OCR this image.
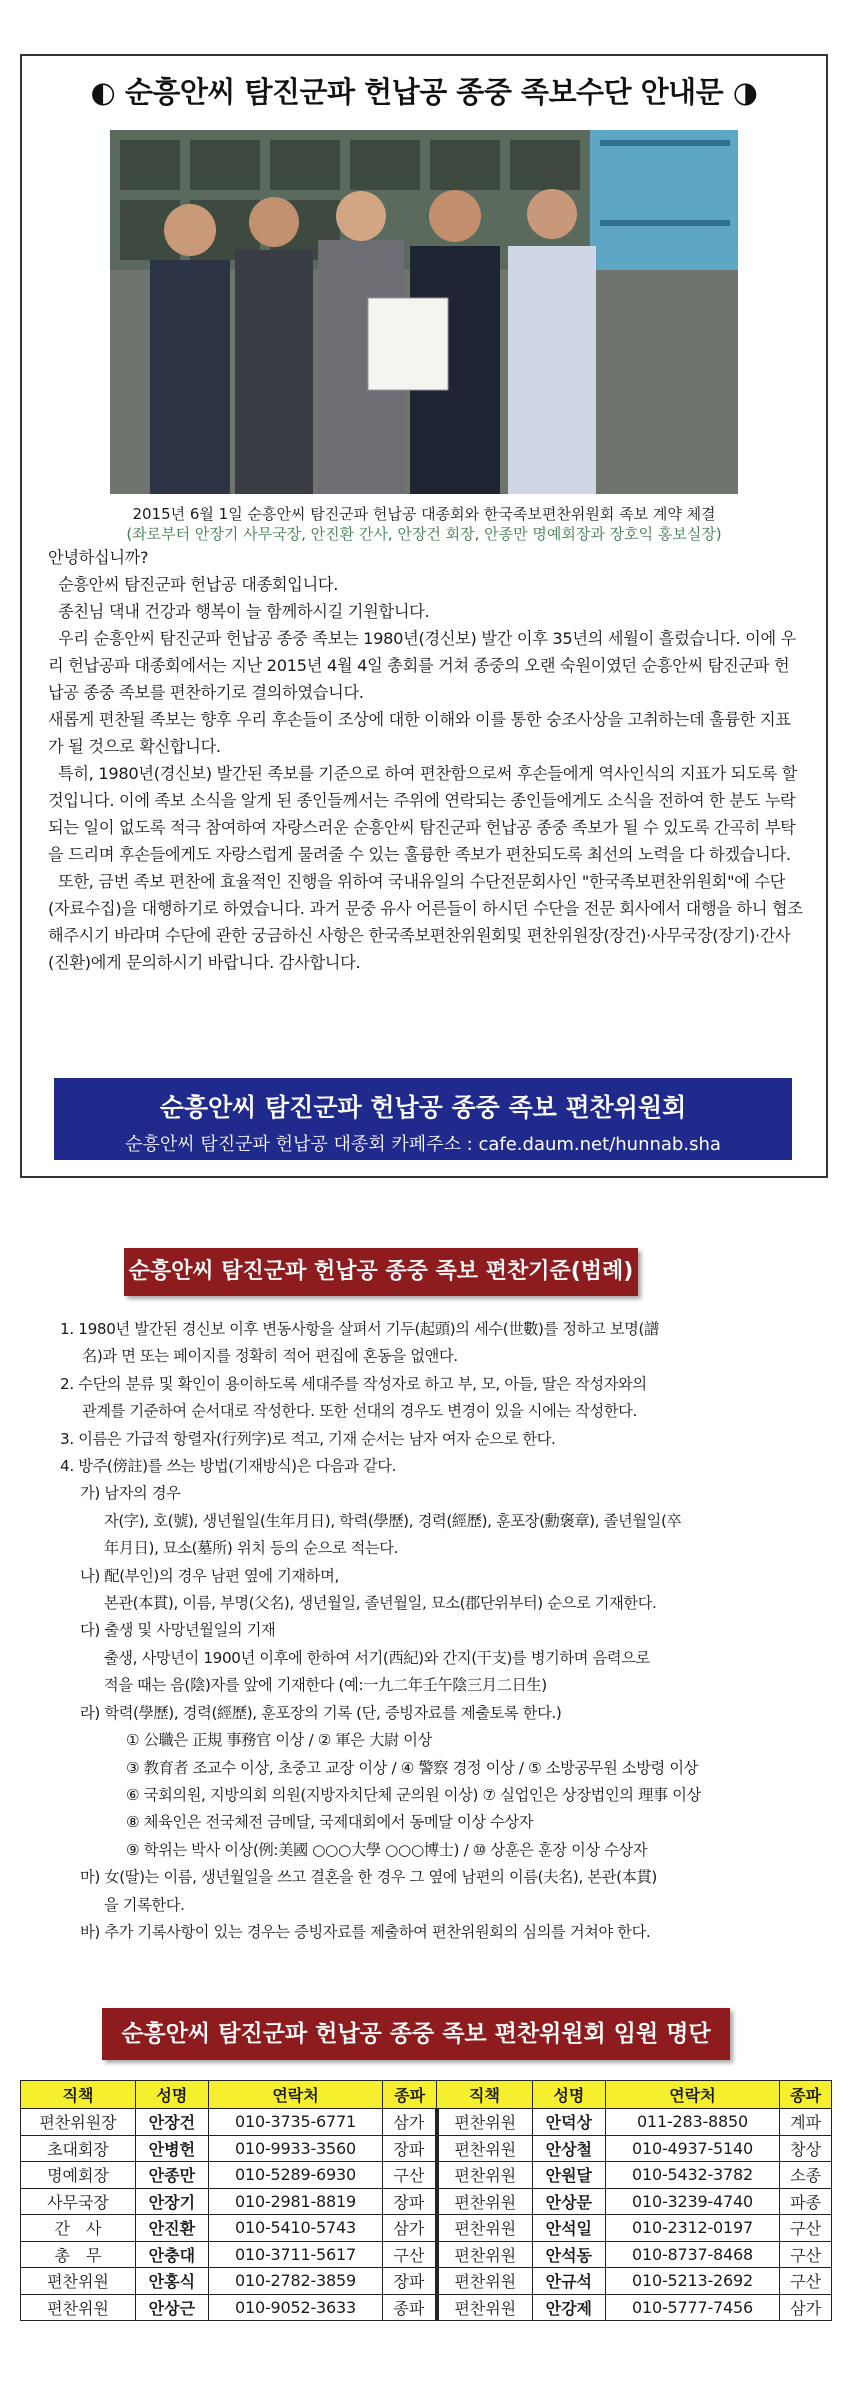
◐ 순흥안씨 탐진군파 헌납공 종중 족보수단 안내문 ◑
2015년 6월 1일 순흥안씨 탐진군파 헌납공 대종회와 한국족보편찬위원회 족보 계약 체결
(좌로부터 안장기 사무국장, 안진환 간사, 안장건 회장, 안종만 명예회장과 장호익 홍보실장)

안녕하십니까?

순흥안씨 탐진군파 헌납공 대종회입니다.

종친님 댁내 건강과 행복이 늘 함께하시길 기원합니다.

우리 순흥안씨 탐진군파 헌납공 종중 족보는 1980년(경신보) 발간 이후 35년의 세월이 흘렀습니다. 이에 우리 헌납공파 대종회에서는 지난 2015년 4월 4일 총회를 거쳐 종중의 오랜 숙원이였던 순흥안씨 탐진군파 헌납공 종중 족보를 편찬하기로 결의하였습니다.

새롭게 편찬될 족보는 향후 우리 후손들이 조상에 대한 이해와 이를 통한 숭조사상을 고취하는데 훌륭한 지표가 될 것으로 확신합니다.

특히, 1980년(경신보) 발간된 족보를 기준으로 하여 편찬함으로써 후손들에게 역사인식의 지표가 되도록 할 것입니다. 이에 족보 소식을 알게 된 종인들께서는 주위에 연락되는 종인들에게도 소식을 전하여 한 분도 누락되는 일이 없도록 적극 참여하여 자랑스러운 순흥안씨 탐진군파 헌납공 종중 족보가 될 수 있도록 간곡히 부탁을 드리며 후손들에게도 자랑스럽게 물려줄 수 있는 훌륭한 족보가 편찬되도록 최선의 노력을 다 하겠습니다.

또한, 금번 족보 편찬에 효율적인 진행을 위하여 국내유일의 수단전문회사인 "한국족보편찬위원회"에 수단(자료수집)을 대행하기로 하였습니다. 과거 문중 유사 어른들이 하시던 수단을 전문 회사에서 대행을 하니 협조해주시기 바라며 수단에 관한 궁금하신 사항은 한국족보편찬위원회및 편찬위원장(장건)·사무국장(장기)·간사(진환)에게 문의하시기 바랍니다. 감사합니다.

순흥안씨 탐진군파 헌납공 종중 족보 편찬위원회
순흥안씨 탐진군파 헌납공 대종회 카페주소 : cafe.daum.net/hunnab.sha
순흥안씨 탐진군파 헌납공 종중 족보 편찬기준(범례)
1. 1980년 발간된 경신보 이후 변동사항을 살펴서 기두(起頭)의 세수(世數)를 정하고 보명(譜
名)과 면 또는 페이지를 정확히 적어 편집에 혼동을 없앤다.
2. 수단의 분류 및 확인이 용이하도록 세대주를 작성자로 하고 부, 모, 아들, 딸은 작성자와의
관계를 기준하여 순서대로 작성한다. 또한 선대의 경우도 변경이 있을 시에는 작성한다.
3. 이름은 가급적 항렬자(行列字)로 적고, 기재 순서는 남자 여자 순으로 한다.
4. 방주(傍註)를 쓰는 방법(기재방식)은 다음과 같다.
가) 남자의 경우
자(字), 호(號), 생년월일(生年月日), 학력(學歷), 경력(經歷), 훈포장(勳褒章), 졸년월일(卒
年月日), 묘소(墓所) 위치 등의 순으로 적는다.
나) 配(부인)의 경우 남편 옆에 기재하며,
본관(本貫), 이름, 부명(父名), 생년월일, 졸년월일, 묘소(郡단위부터) 순으로 기재한다.
다) 출생 및 사망년월일의 기재
출생, 사망년이 1900년 이후에 한하여 서기(西紀)와 간지(干支)를 병기하며 음력으로
적을 때는 음(陰)자를 앞에 기재한다 (예:一九二年壬午陰三月二日生)
라) 학력(學歷), 경력(經歷), 훈포장의 기록 (단, 증빙자료를 제출토록 한다.)
① 公職은 正規 事務官 이상 / ② 軍은 大尉 이상
③ 教育者 조교수 이상, 초중고 교장 이상 / ④ 警察 경정 이상 / ⑤ 소방공무원 소방령 이상
⑥ 국회의원, 지방의회 의원(지방자치단체 군의원 이상) ⑦ 실업인은 상장법인의 理事 이상
⑧ 체육인은 전국체전 금메달, 국제대회에서 동메달 이상 수상자
⑨ 학위는 박사 이상(例:美國 ○○○大學 ○○○博士) / ⑩ 상훈은 훈장 이상 수상자
마) 女(딸)는 이름, 생년월일을 쓰고 결혼을 한 경우 그 옆에 남편의 이름(夫名), 본관(本貫)
을 기록한다.
바) 추가 기록사항이 있는 경우는 증빙자료를 제출하여 편찬위원회의 심의를 거쳐야 한다.
순흥안씨 탐진군파 헌납공 종중 족보 편찬위원회 임원 명단
직책	성명	연락처	종파	직책	성명	연락처	종파
편찬위원장	안장건	010-3735-6771	삼가	편찬위원	안덕상	011-283-8850	계파
초대회장	안병헌	010-9933-3560	장파	편찬위원	안상철	010-4937-5140	창상
명예회장	안종만	010-5289-6930	구산	편찬위원	안원달	010-5432-3782	소종
사무국장	안장기	010-2981-8819	장파	편찬위원	안상문	010-3239-4740	파종
간　사	안진환	010-5410-5743	삼가	편찬위원	안석일	010-2312-0197	구산
총　무	안충대	010-3711-5617	구산	편찬위원	안석동	010-8737-8468	구산
편찬위원	안홍식	010-2782-3859	장파	편찬위원	안규석	010-5213-2692	구산
편찬위원	안상근	010-9052-3633	종파	편찬위원	안강제	010-5777-7456	삼가
